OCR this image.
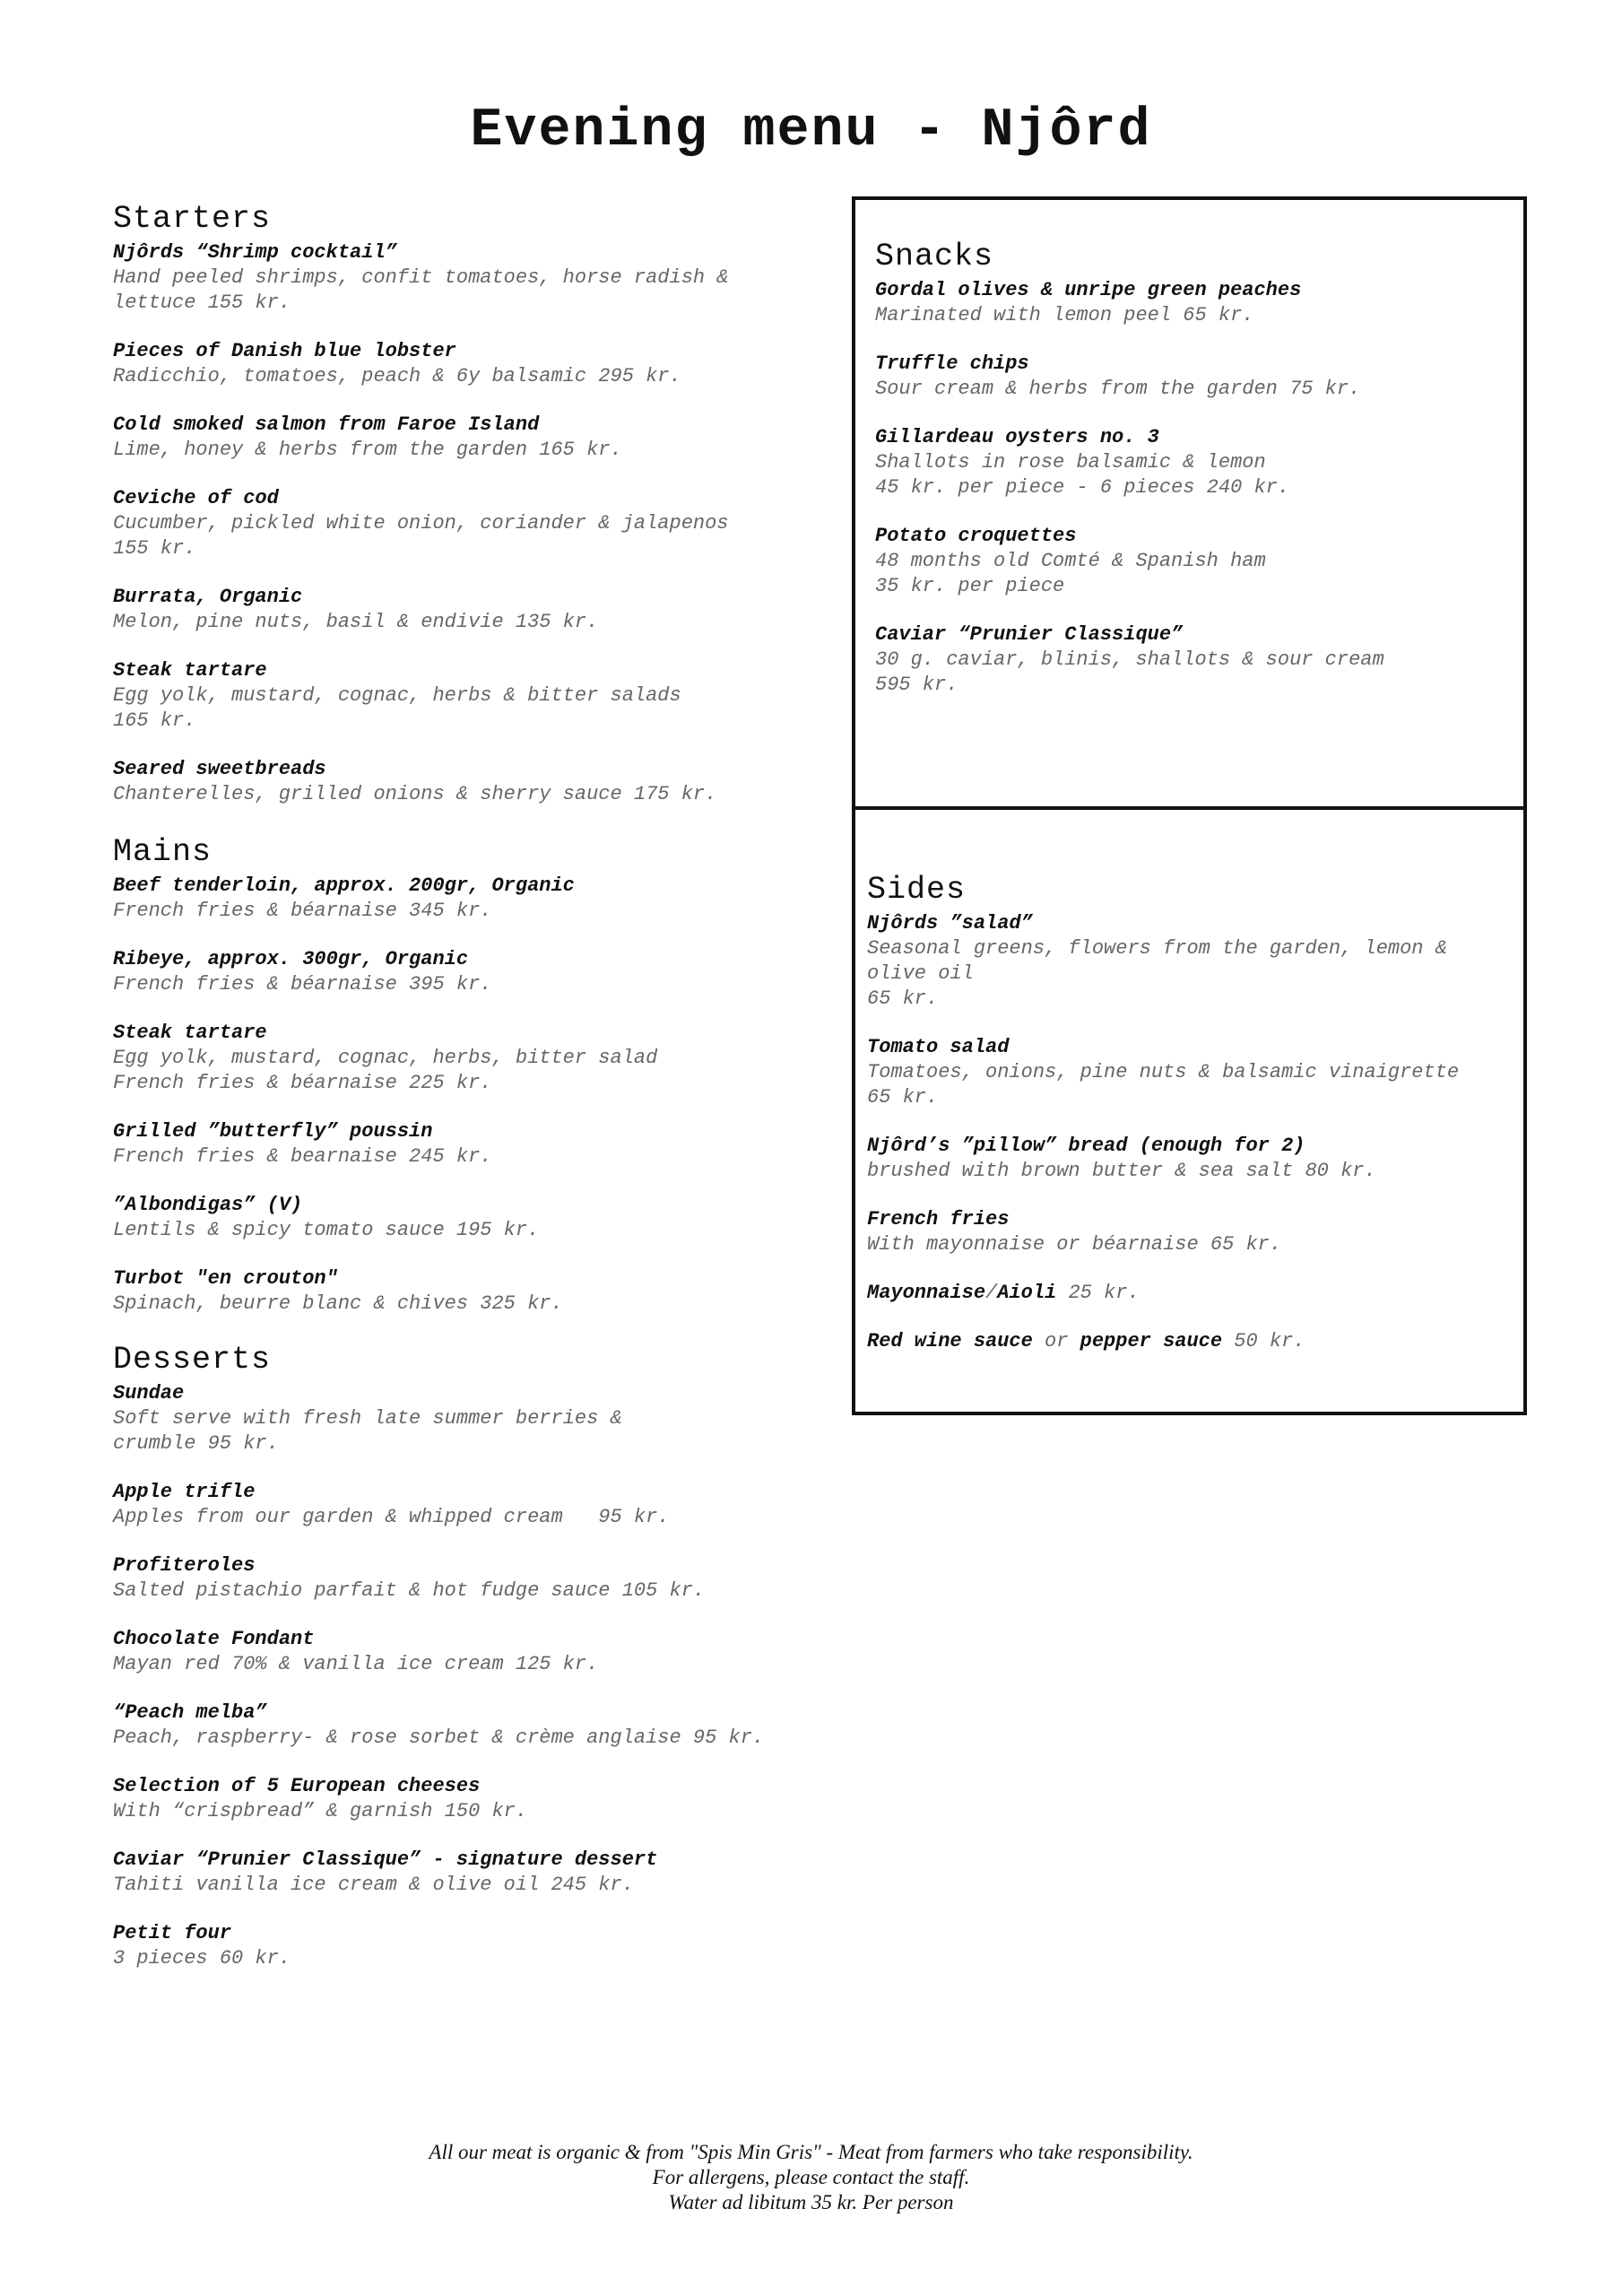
Evening menu - Njôrd
Starters
Njôrds “Shrimp cocktail”
Hand peeled shrimps, confit tomatoes, horse radish &
lettuce 155 kr.
Pieces of Danish blue lobster
Radicchio, tomatoes, peach & 6y balsamic 295 kr.
Cold smoked salmon from Faroe Island
Lime, honey & herbs from the garden 165 kr.
Ceviche of cod
Cucumber, pickled white onion, coriander & jalapenos
155 kr.
Burrata, Organic
Melon, pine nuts, basil & endivie 135 kr.
Steak tartare
Egg yolk, mustard, cognac, herbs & bitter salads
165 kr.
Seared sweetbreads
Chanterelles, grilled onions & sherry sauce 175 kr.
Mains
Beef tenderloin, approx. 200gr, Organic
French fries & béarnaise 345 kr.
Ribeye, approx. 300gr, Organic
French fries & béarnaise 395 kr.
Steak tartare
Egg yolk, mustard, cognac, herbs, bitter salad
French fries & béarnaise 225 kr.
Grilled ”butterfly” poussin
French fries & bearnaise 245 kr.
”Albondigas” (V)
Lentils & spicy tomato sauce 195 kr.
Turbot "en crouton"
Spinach, beurre blanc & chives 325 kr.
Desserts
Sundae
Soft serve with fresh late summer berries &
crumble 95 kr.
Apple trifle
Apples from our garden & whipped cream   95 kr.
Profiteroles
Salted pistachio parfait & hot fudge sauce 105 kr.
Chocolate Fondant
Mayan red 70% & vanilla ice cream 125 kr.
“Peach melba”
Peach, raspberry- & rose sorbet & crème anglaise 95 kr.
Selection of 5 European cheeses
With “crispbread” & garnish 150 kr.
Caviar “Prunier Classique” - signature dessert
Tahiti vanilla ice cream & olive oil 245 kr.
Petit four
3 pieces 60 kr.
Snacks
Gordal olives & unripe green peaches
Marinated with lemon peel 65 kr.
Truffle chips
Sour cream & herbs from the garden 75 kr.
Gillardeau oysters no. 3
Shallots in rose balsamic & lemon
45 kr. per piece - 6 pieces 240 kr.
Potato croquettes
48 months old Comté & Spanish ham
35 kr. per piece
Caviar “Prunier Classique”
30 g. caviar, blinis, shallots & sour cream
595 kr.
Sides
Njôrds ”salad”
Seasonal greens, flowers from the garden, lemon &
olive oil
65 kr.
Tomato salad
Tomatoes, onions, pine nuts & balsamic vinaigrette
65 kr.
Njôrd’s ”pillow” bread (enough for 2)
brushed with brown butter & sea salt 80 kr.
French fries
With mayonnaise or béarnaise 65 kr.
Mayonnaise/Aioli 25 kr.
Red wine sauce or pepper sauce 50 kr.
All our meat is organic & from "Spis Min Gris" - Meat from farmers who take responsibility.
For allergens, please contact the staff.
Water ad libitum 35 kr. Per person
